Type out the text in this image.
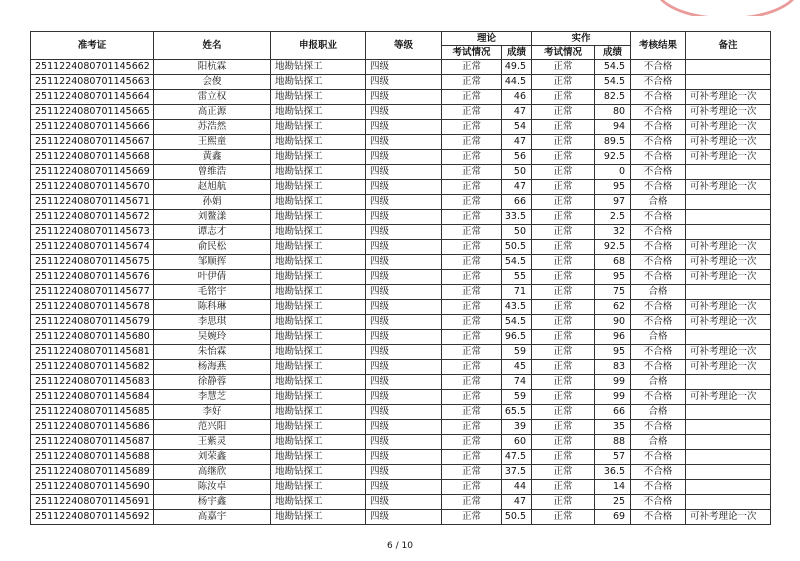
准考证	姓名	申报职业	等级	理论		实作		考核结果	备注
				考试情况	成绩	考试情况	成绩		
2511224080701145662	阳杭霖	地勘钻探工	四级	正常	49.5	正常	54.5	不合格	
2511224080701145663	会俊	地勘钻探工	四级	正常	44.5	正常	54.5	不合格	
2511224080701145664	雷立权	地勘钻探工	四级	正常	46	正常	82.5	不合格	可补考理论一次
2511224080701145665	高正源	地勘钻探工	四级	正常	47	正常	80	不合格	可补考理论一次
2511224080701145666	苏浩然	地勘钻探工	四级	正常	54	正常	94	不合格	可补考理论一次
2511224080701145667	王熙童	地勘钻探工	四级	正常	47	正常	89.5	不合格	可补考理论一次
2511224080701145668	黄鑫	地勘钻探工	四级	正常	56	正常	92.5	不合格	可补考理论一次
2511224080701145669	曾维浩	地勘钻探工	四级	正常	50	正常	0	不合格	
2511224080701145670	赵旭航	地勘钻探工	四级	正常	47	正常	95	不合格	可补考理论一次
2511224080701145671	孙娟	地勘钻探工	四级	正常	66	正常	97	合格	
2511224080701145672	刘鳌漾	地勘钻探工	四级	正常	33.5	正常	2.5	不合格	
2511224080701145673	谭志才	地勘钻探工	四级	正常	50	正常	32	不合格	
2511224080701145674	俞民松	地勘钻探工	四级	正常	50.5	正常	92.5	不合格	可补考理论一次
2511224080701145675	邹顺挥	地勘钻探工	四级	正常	54.5	正常	68	不合格	可补考理论一次
2511224080701145676	叶伊倩	地勘钻探工	四级	正常	55	正常	95	不合格	可补考理论一次
2511224080701145677	毛铭宇	地勘钻探工	四级	正常	71	正常	75	合格	
2511224080701145678	陈科琳	地勘钻探工	四级	正常	43.5	正常	62	不合格	可补考理论一次
2511224080701145679	李思琪	地勘钻探工	四级	正常	54.5	正常	90	不合格	可补考理论一次
2511224080701145680	吴婉玲	地勘钻探工	四级	正常	96.5	正常	96	合格	
2511224080701145681	朱怡霖	地勘钻探工	四级	正常	59	正常	95	不合格	可补考理论一次
2511224080701145682	杨海燕	地勘钻探工	四级	正常	45	正常	83	不合格	可补考理论一次
2511224080701145683	徐静蓉	地勘钻探工	四级	正常	74	正常	99	合格	
2511224080701145684	李慧芝	地勘钻探工	四级	正常	59	正常	99	不合格	可补考理论一次
2511224080701145685	李好	地勘钻探工	四级	正常	65.5	正常	66	合格	
2511224080701145686	范兴阳	地勘钻探工	四级	正常	39	正常	35	不合格	
2511224080701145687	王紫灵	地勘钻探工	四级	正常	60	正常	88	合格	
2511224080701145688	刘荣鑫	地勘钻探工	四级	正常	47.5	正常	57	不合格	
2511224080701145689	高继欣	地勘钻探工	四级	正常	37.5	正常	36.5	不合格	
2511224080701145690	陈汝卓	地勘钻探工	四级	正常	44	正常	14	不合格	
2511224080701145691	杨宇鑫	地勘钻探工	四级	正常	47	正常	25	不合格	
2511224080701145692	高嘉宇	地勘钻探工	四级	正常	50.5	正常	69	不合格	可补考理论一次
6 / 10
